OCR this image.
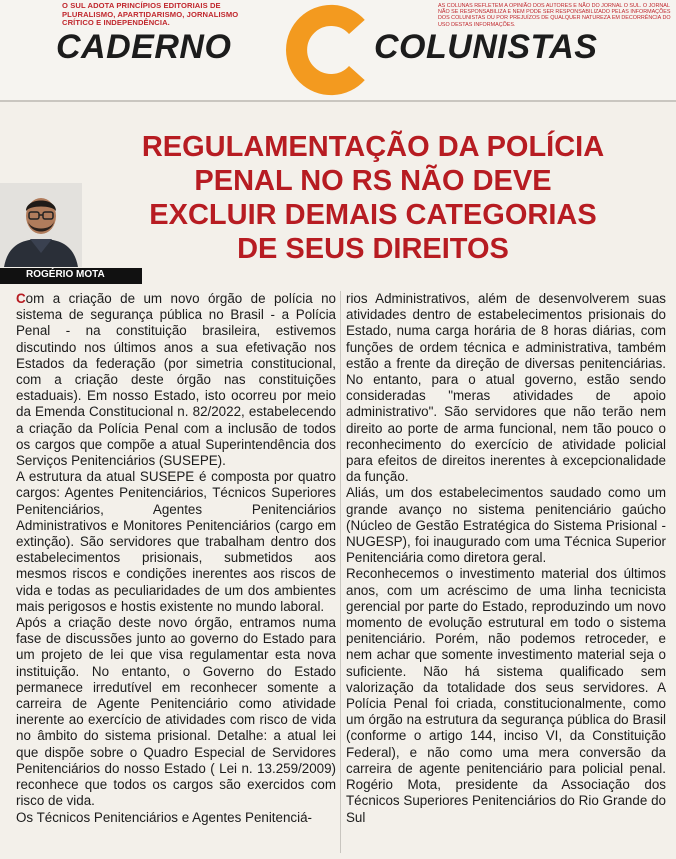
O SUL ADOTA PRINCÍPIOS EDITORIAIS DE PLURALISMO, APARTIDARISMO, JORNALISMO CRÍTICO E INDEPENDÊNCIA.
AS COLUNAS REFLETEM A OPINIÃO DOS AUTORES E NÃO DO JORNAL O SUL. O JORNAL NÃO SE RESPONSABILIZA E NEM PODE SER RESPONSABILIZADO PELAS INFORMAÇÕES DOS COLUNISTAS OU POR PREJUÍZOS DE QUALQUER NATUREZA EM DECORRÊNCIA DO USO DESTAS INFORMAÇÕES.
CADERNO	COLUNISTAS
REGULAMENTAÇÃO DA POLÍCIA PENAL NO RS NÃO DEVE EXCLUIR DEMAIS CATEGORIAS DE SEUS DIREITOS
ROGÉRIO MOTA

Com a criação de um novo órgão de polícia no sistema de segurança pública no Brasil - a Polícia Penal - na constituição brasileira, estivemos discutindo nos últimos anos a sua efetivação nos Estados da federação (por simetria constitucional, com a criação deste órgão nas constituições estaduais). Em nosso Estado, isto ocorreu por meio da Emenda Constitucional n. 82/2022, estabelecendo a criação da Polícia Penal com a inclusão de todos os cargos que compõe a atual Superintendência dos Serviços Penitenciários (SUSEPE).

A estrutura da atual SUSEPE é composta por quatro cargos: Agentes Penitenciários, Técnicos Superiores Penitenciários, Agentes Penitenciários Administrativos e Monitores Penitenciários (cargo em extinção). São servidores que trabalham dentro dos estabelecimentos prisionais, submetidos aos mesmos riscos e condições inerentes aos riscos de vida e todas as peculiaridades de um dos ambientes mais perigosos e hostis existente no mundo laboral.

Após a criação deste novo órgão, entramos numa fase de discussões junto ao governo do Estado para um projeto de lei que visa regulamentar esta nova instituição. No entanto, o Governo do Estado permanece irredutível em reconhecer somente a carreira de Agente Penitenciário como atividade inerente ao exercício de atividades com risco de vida no âmbito do sistema prisional. Detalhe: a atual lei que dispõe sobre o Quadro Especial de Servidores Penitenciários do nosso Estado ( Lei n. 13.259/2009) reconhece que todos os cargos são exercidos com risco de vida.

Os Técnicos Penitenciários e Agentes Penitenciá-

rios Administrativos, além de desenvolverem suas atividades dentro de estabelecimentos prisionais do Estado, numa carga horária de 8 horas diárias, com funções de ordem técnica e administrativa, também estão a frente da direção de diversas penitenciárias. No entanto, para o atual governo, estão sendo consideradas "meras atividades de apoio administrativo". São servidores que não terão nem direito ao porte de arma funcional, nem tão pouco o reconhecimento do exercício de atividade policial para efeitos de direitos inerentes à excepcionalidade da função.

Aliás, um dos estabelecimentos saudado como um grande avanço no sistema penitenciário gaúcho (Núcleo de Gestão Estratégica do Sistema Prisional - NUGESP), foi inaugurado com uma Técnica Superior Penitenciária como diretora geral.

Reconhecemos o investimento material dos últimos anos, com um acréscimo de uma linha tecnicista gerencial por parte do Estado, reproduzindo um novo momento de evolução estrutural em todo o sistema penitenciário. Porém, não podemos retroceder, e nem achar que somente investimento material seja o suficiente. Não há sistema qualificado sem valorização da totalidade dos seus servidores. A Polícia Penal foi criada, constitucionalmente, como um órgão na estrutura da segurança pública do Brasil (conforme o artigo 144, inciso VI, da Constituição Federal), e não como uma mera conversão da carreira de agente penitenciário para policial penal. Rogério Mota, presidente da Associação dos Técnicos Superiores Penitenciários do Rio Grande do Sul
